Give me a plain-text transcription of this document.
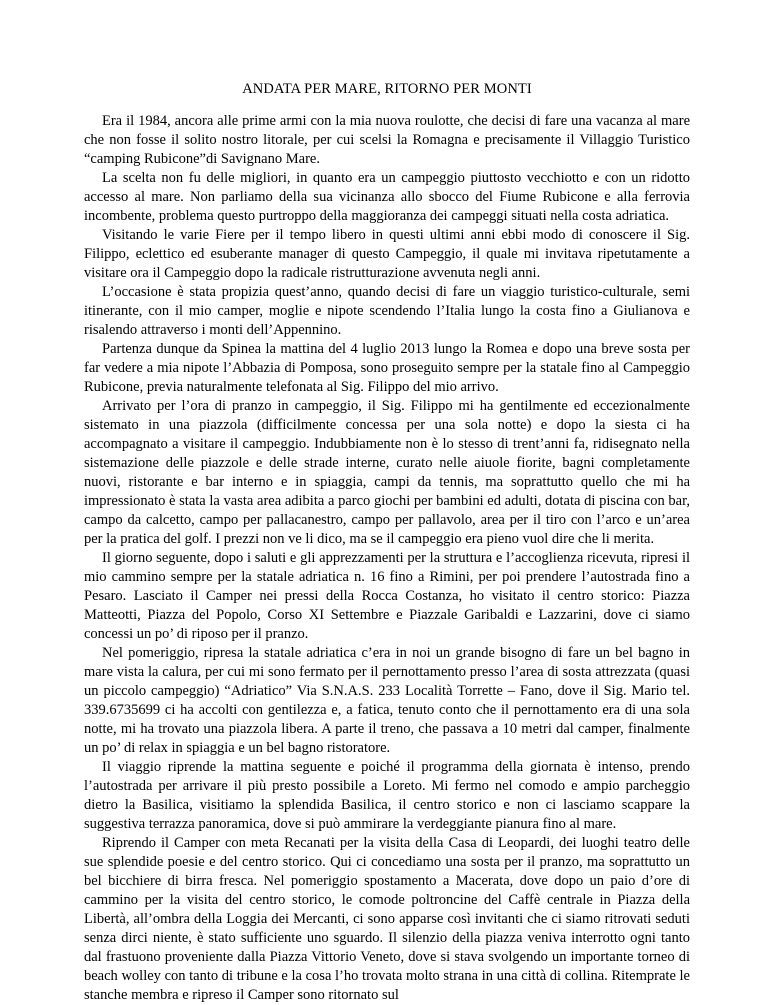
ANDATA PER MARE, RITORNO PER MONTI

Era il 1984, ancora alle prime armi con la mia nuova roulotte, che decisi di fare una vacanza al mare che non fosse il solito nostro litorale, per cui scelsi la Romagna e precisamente il Villaggio Turistico “camping Rubicone”di Savignano Mare.

La scelta non fu delle migliori, in quanto era un campeggio piuttosto vecchiotto e con un ridotto accesso al mare. Non parliamo della sua vicinanza allo sbocco del Fiume Rubicone e alla ferrovia incombente, problema questo purtroppo della maggioranza dei campeggi situati nella costa adriatica.

Visitando le varie Fiere per il tempo libero in questi ultimi anni ebbi modo di conoscere il Sig. Filippo, eclettico ed esuberante manager di questo Campeggio, il quale mi invitava ripetutamente a visitare ora il Campeggio dopo la radicale ristrutturazione avvenuta negli anni.

L’occasione è stata propizia quest’anno, quando decisi di fare un viaggio turistico-culturale, semi itinerante, con il mio camper, moglie e nipote scendendo l’Italia lungo la costa fino a Giulianova e risalendo attraverso i monti dell’Appennino.

Partenza dunque da Spinea la mattina del 4 luglio 2013 lungo la Romea e dopo una breve sosta per far vedere a mia nipote l’Abbazia di Pomposa, sono proseguito sempre per la statale fino al Campeggio Rubicone, previa naturalmente telefonata al Sig. Filippo del mio arrivo.

Arrivato per l’ora di pranzo in campeggio, il Sig. Filippo mi ha gentilmente ed eccezionalmente sistemato in una piazzola (difficilmente concessa per una sola notte) e dopo la siesta ci ha accompagnato a visitare il campeggio. Indubbiamente non è lo stesso di trent’anni fa, ridisegnato nella sistemazione delle piazzole e delle strade interne, curato nelle aiuole fiorite, bagni completamente nuovi, ristorante e bar interno e in spiaggia, campi da tennis, ma soprattutto quello che mi ha impressionato è stata la vasta area adibita a parco giochi per bambini ed adulti, dotata di piscina con bar, campo da calcetto, campo per pallacanestro, campo per pallavolo, area per il tiro con l’arco e un’area per la pratica del golf. I prezzi non ve li dico, ma se il campeggio era pieno vuol dire che li merita.

Il giorno seguente, dopo i saluti e gli apprezzamenti per la struttura e l’accoglienza ricevuta, ripresi il mio cammino sempre per la statale adriatica n. 16 fino a Rimini, per poi prendere l’autostrada fino a Pesaro. Lasciato il Camper nei pressi della Rocca Costanza, ho visitato il centro storico: Piazza Matteotti, Piazza del Popolo, Corso XI Settembre e Piazzale Garibaldi e Lazzarini, dove ci siamo concessi un po’ di riposo per il pranzo.

Nel pomeriggio, ripresa la statale adriatica c’era in noi un grande bisogno di fare un bel bagno in mare vista la calura, per cui mi sono fermato per il pernottamento presso l’area di sosta attrezzata (quasi un piccolo campeggio) “Adriatico” Via S.N.A.S. 233 Località Torrette – Fano, dove il Sig. Mario tel. 339.6735699 ci ha accolti con gentilezza e, a fatica, tenuto conto che il pernottamento era di una sola notte, mi ha trovato una piazzola libera. A parte il treno, che passava a 10 metri dal camper, finalmente un po’ di relax in spiaggia e un bel bagno ristoratore.

Il viaggio riprende la mattina seguente e poiché il programma della giornata è intenso, prendo l’autostrada per arrivare il più presto possibile a Loreto. Mi fermo nel comodo e ampio parcheggio dietro la Basilica, visitiamo la splendida Basilica, il centro storico e non ci lasciamo scappare la suggestiva terrazza panoramica, dove si può ammirare la verdeggiante pianura fino al mare.

Riprendo il Camper con meta Recanati per la visita della Casa di Leopardi, dei luoghi teatro delle sue splendide poesie e del centro storico. Qui ci concediamo una sosta per il pranzo, ma soprattutto un bel bicchiere di birra fresca. Nel pomeriggio spostamento a Macerata, dove dopo un paio d’ore di cammino per la visita del centro storico, le comode poltroncine del Caffè centrale in Piazza della Libertà, all’ombra della Loggia dei Mercanti, ci sono apparse così invitanti che ci siamo ritrovati seduti senza dirci niente, è stato sufficiente uno sguardo. Il silenzio della piazza veniva interrotto ogni tanto dal frastuono proveniente dalla Piazza Vittorio Veneto, dove si stava svolgendo un importante torneo di beach wolley con tanto di tribune e la cosa l’ho trovata molto strana in una città di collina. Ritemprate le stanche membra e ripreso il Camper sono ritornato sul
